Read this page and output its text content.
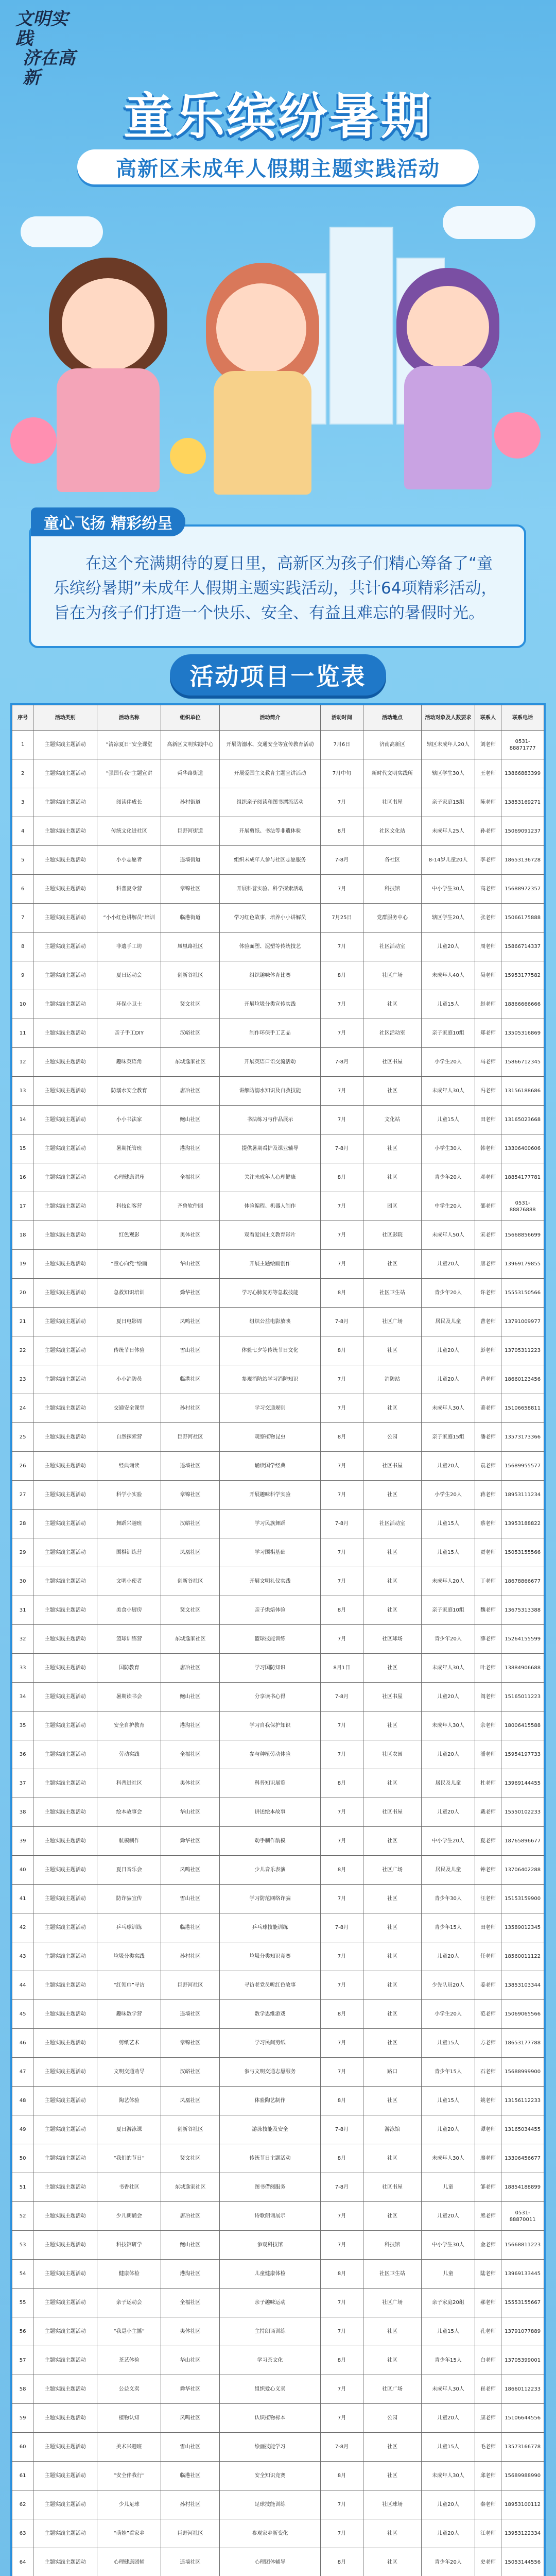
文明实践
济在高新
童乐缤纷暑期
高新区未成年人假期主题实践活动
童心飞扬 精彩纷呈

在这个充满期待的夏日里，高新区为孩子们精心筹备了“童乐缤纷暑期”未成年人假期主题实践活动，共计64项精彩活动，旨在为孩子们打造一个快乐、安全、有益且难忘的暑假时光。

活动项目一览表
序号	活动类别	活动名称	组织单位	活动简介	活动时间	活动地点	活动对象及人数要求	联系人	联系电话
1	主题实践主题活动	“清凉夏日”安全课堂	高新区文明实践中心	开展防溺水、交通安全等宣传教育活动	7月6日	济南高新区	辖区未成年人20人	刘老师	0531-88871777
2	主题实践主题活动	“强国有我”主题宣讲	舜华路街道	开展爱国主义教育主题宣讲活动	7月中旬	新时代文明实践所	辖区学生30人	王老师	13866883399
3	主题实践主题活动	阅读伴成长	孙村街道	组织亲子阅读和图书漂流活动	7月	社区书屋	亲子家庭15组	陈老师	13853169271
4	主题实践主题活动	传统文化进社区	巨野河街道	开展剪纸、书法等非遗体验	8月	社区文化站	未成年人25人	孙老师	15069091237
5	主题实践主题活动	小小志愿者	遥墙街道	组织未成年人参与社区志愿服务	7-8月	各社区	8-14岁儿童20人	李老师	18653136728
6	主题实践主题活动	科普夏令营	章锦社区	开展科普实验、科学探索活动	7月	科技馆	中小学生30人	高老师	15688972357
7	主题实践主题活动	“小小红色讲解员”培训	临港街道	学习红色故事，培养小小讲解员	7月25日	党群服务中心	辖区学生20人	张老师	15066175888
8	主题实践主题活动	非遗手工坊	凤凰路社区	体验面塑、泥塑等传统技艺	7月	社区活动室	儿童20人	周老师	15866714337
9	主题实践主题活动	夏日运动会	创新谷社区	组织趣味体育比赛	8月	社区广场	未成年人40人	吴老师	15953177582
10	主题实践主题活动	环保小卫士	贤文社区	开展垃圾分类宣传实践	7月	社区	儿童15人	赵老师	18866666666
11	主题实践主题活动	亲子手工DIY	汉峪社区	制作环保手工艺品	7月	社区活动室	亲子家庭10组	郑老师	13505316869
12	主题实践主题活动	趣味英语角	东城逸家社区	开展英语口语交流活动	7-8月	社区书屋	小学生20人	马老师	15866712345
13	主题实践主题活动	防溺水安全教育	唐冶社区	讲解防溺水知识及自救技能	7月	社区	未成年人30人	冯老师	13156188686
14	主题实践主题活动	小小书法家	鲍山社区	书法练习与作品展示	7月	文化站	儿童15人	田老师	13165023668
15	主题实践主题活动	暑期托管班	港沟社区	提供暑期看护及课业辅导	7-8月	社区	小学生30人	韩老师	13306400606
16	主题实践主题活动	心理健康讲座	全福社区	关注未成年人心理健康	8月	社区	青少年20人	邓老师	18854177781
17	主题实践主题活动	科技创客营	齐鲁软件园	体验编程、机器人制作	7月	园区	中学生20人	邵老师	0531-88876888
18	主题实践主题活动	红色观影	奥体社区	观看爱国主义教育影片	7月	社区影院	未成年人50人	宋老师	15668856699
19	主题实践主题活动	“童心向党”绘画	华山社区	开展主题绘画创作	7月	社区	儿童20人	唐老师	13969179855
20	主题实践主题活动	急救知识培训	舜华社区	学习心肺复苏等急救技能	8月	社区卫生站	青少年20人	许老师	15553150566
21	主题实践主题活动	夏日电影周	凤鸣社区	组织公益电影放映	7-8月	社区广场	居民及儿童	曹老师	13791009977
22	主题实践主题活动	传统节日体验	雪山社区	体验七夕等传统节日文化	8月	社区	儿童20人	彭老师	13705311223
23	主题实践主题活动	小小消防员	临港社区	参观消防站学习消防知识	7月	消防站	儿童20人	曾老师	18660123456
24	主题实践主题活动	交通安全课堂	孙村社区	学习交通规则	7月	社区	未成年人30人	萧老师	15106658811
25	主题实践主题活动	自然探索营	巨野河社区	观察植物昆虫	8月	公园	亲子家庭15组	潘老师	13573173366
26	主题实践主题活动	经典诵读	遥墙社区	诵读国学经典	7月	社区书屋	儿童20人	袁老师	15689955577
27	主题实践主题活动	科学小实验	章锦社区	开展趣味科学实验	7月	社区	小学生20人	蒋老师	18953111234
28	主题实践主题活动	舞蹈兴趣班	汉峪社区	学习民族舞蹈	7-8月	社区活动室	儿童15人	蔡老师	13953188822
29	主题实践主题活动	围棋训练营	凤凰社区	学习围棋基础	7月	社区	儿童15人	贾老师	15053155566
30	主题实践主题活动	文明小使者	创新谷社区	开展文明礼仪实践	7月	社区	未成年人20人	丁老师	18678866677
31	主题实践主题活动	美食小厨房	贤文社区	亲子烘焙体验	8月	社区	亲子家庭10组	魏老师	13675313388
32	主题实践主题活动	篮球训练营	东城逸家社区	篮球技能训练	7月	社区球场	青少年20人	薛老师	15264155599
33	主题实践主题活动	国防教育	唐冶社区	学习国防知识	8月1日	社区	未成年人30人	叶老师	13884906688
34	主题实践主题活动	暑期读书会	鲍山社区	分享读书心得	7-8月	社区书屋	儿童20人	阎老师	15165011223
35	主题实践主题活动	安全自护教育	港沟社区	学习自我保护知识	7月	社区	未成年人30人	余老师	18006415588
36	主题实践主题活动	劳动实践	全福社区	参与种植劳动体验	7月	社区农园	儿童20人	潘老师	15954197733
37	主题实践主题活动	科普进社区	奥体社区	科普知识展览	8月	社区	居民及儿童	杜老师	13969144455
38	主题实践主题活动	绘本故事会	华山社区	讲述绘本故事	7月	社区书屋	儿童20人	戴老师	15550102233
39	主题实践主题活动	航模制作	舜华社区	动手制作航模	7月	社区	中小学生20人	夏老师	18765896677
40	主题实践主题活动	夏日音乐会	凤鸣社区	少儿音乐表演	8月	社区广场	居民及儿童	钟老师	13706402288
41	主题实践主题活动	防诈骗宣传	雪山社区	学习防范网络诈骗	7月	社区	青少年30人	汪老师	15153159900
42	主题实践主题活动	乒乓球训练	临港社区	乒乓球技能训练	7-8月	社区	青少年15人	田老师	13589012345
43	主题实践主题活动	垃圾分类实践	孙村社区	垃圾分类知识竞赛	7月	社区	儿童20人	任老师	18560011122
44	主题实践主题活动	“红领巾”寻访	巨野河社区	寻访老党员听红色故事	7月	社区	少先队员20人	姜老师	13853103344
45	主题实践主题活动	趣味数学营	遥墙社区	数学思维游戏	8月	社区	小学生20人	范老师	15069065566
46	主题实践主题活动	剪纸艺术	章锦社区	学习民间剪纸	7月	社区	儿童15人	方老师	18653177788
47	主题实践主题活动	文明交通劝导	汉峪社区	参与文明交通志愿服务	7月	路口	青少年15人	石老师	15688999900
48	主题实践主题活动	陶艺体验	凤凰社区	体验陶艺制作	8月	社区	儿童15人	姚老师	13156112233
49	主题实践主题活动	夏日游泳课	创新谷社区	游泳技能及安全	7-8月	游泳馆	儿童20人	谭老师	13165034455
50	主题实践主题活动	“我们的节日”	贤文社区	传统节日主题活动	8月	社区	未成年人30人	廖老师	13306456677
51	主题实践主题活动	书香社区	东城逸家社区	图书借阅服务	7-8月	社区书屋	儿童	邹老师	18854188899
52	主题实践主题活动	少儿朗诵会	唐冶社区	诗歌朗诵展示	7月	社区	儿童20人	熊老师	0531-88870011
53	主题实践主题活动	科技馆研学	鲍山社区	参观科技馆	7月	科技馆	中小学生30人	金老师	15668811223
54	主题实践主题活动	健康体检	港沟社区	儿童健康体检	8月	社区卫生站	儿童	陆老师	13969133445
55	主题实践主题活动	亲子运动会	全福社区	亲子趣味运动	7月	社区广场	亲子家庭20组	郝老师	15553155667
56	主题实践主题活动	“我是小主播”	奥体社区	主持朗诵训练	7月	社区	儿童15人	孔老师	13791077889
57	主题实践主题活动	茶艺体验	华山社区	学习茶文化	8月	社区	青少年15人	白老师	13705399001
58	主题实践主题活动	公益义卖	舜华社区	组织爱心义卖	7月	社区广场	未成年人30人	崔老师	18660112233
59	主题实践主题活动	植物认知	凤鸣社区	认识植物标本	7月	公园	儿童20人	康老师	15106644556
60	主题实践主题活动	美术兴趣班	雪山社区	绘画技能学习	7-8月	社区	儿童15人	毛老师	13573166778
61	主题实践主题活动	“安全伴我行”	临港社区	安全知识竞赛	8月	社区	未成年人30人	邱老师	15689988990
62	主题实践主题活动	少儿足球	孙村社区	足球技能训练	7月	社区球场	儿童20人	秦老师	18953100112
63	主题实践主题活动	“萌娃”看家乡	巨野河社区	参观家乡新变化	7月	社区	儿童20人	江老师	13953122334
64	主题实践主题活动	心理健康团辅	遥墙社区	心理团体辅导	8月	社区	青少年20人	史老师	15053144556
